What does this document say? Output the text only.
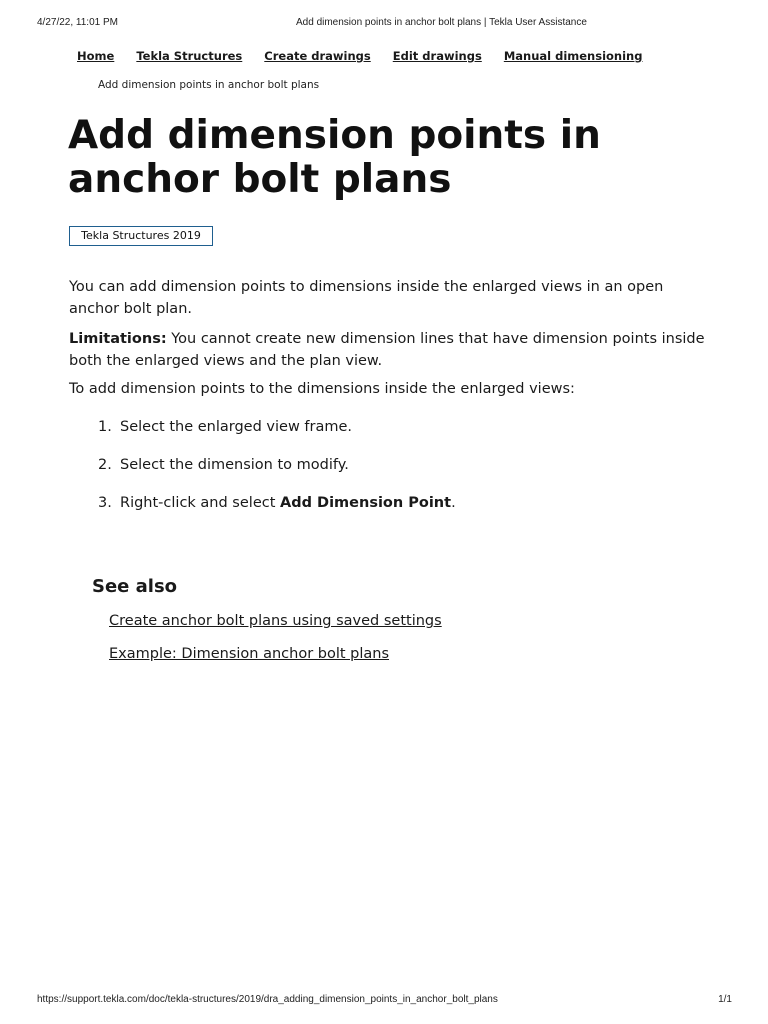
4/27/22, 11:01 PM	Add dimension points in anchor bolt plans | Tekla User Assistance
Home Tekla Structures Create drawings Edit drawings Manual dimensioning
Add dimension points in anchor bolt plans
Add dimension points in anchor bolt plans
Tekla Structures 2019

You can add dimension points to dimensions inside the enlarged views in an open anchor bolt plan.

Limitations: You cannot create new dimension lines that have dimension points inside both the enlarged views and the plan view.

To add dimension points to the dimensions inside the enlarged views:

1. Select the enlarged view frame.
2. Select the dimension to modify.
3. Right-click and select Add Dimension Point.
See also
Create anchor bolt plans using saved settings
Example: Dimension anchor bolt plans
https://support.tekla.com/doc/tekla-structures/2019/dra_adding_dimension_points_in_anchor_bolt_plans	1/1
